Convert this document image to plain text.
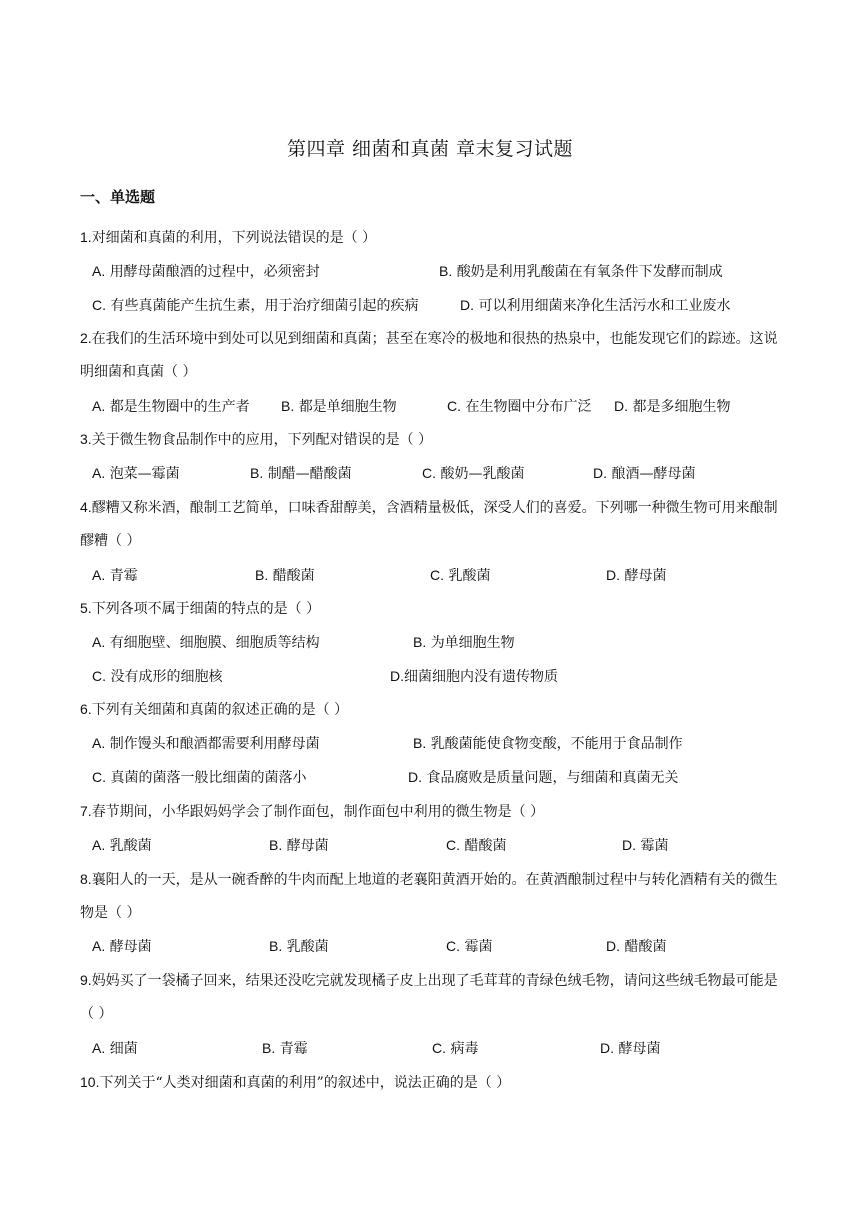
第四章 细菌和真菌 章末复习试题
一、单选题
1.对细菌和真菌的利用，下列说法错误的是（ ）
A. 用酵母菌酿酒的过程中，必须密封	B. 酸奶是利用乳酸菌在有氧条件下发酵而制成
C. 有些真菌能产生抗生素，用于治疗细菌引起的疾病	D. 可以利用细菌来净化生活污水和工业废水
2.在我们的生活环境中到处可以见到细菌和真菌；甚至在寒冷的极地和很热的热泉中，也能发现它们的踪迹。这说明细菌和真菌（ ）
A. 都是生物圈中的生产者 B. 都是单细胞生物	C. 在生物圈中分布广泛 D. 都是多细胞生物
3.关于微生物食品制作中的应用，下列配对错误的是（ ）
A. 泡菜—霉菌	B. 制醋—醋酸菌	C. 酸奶—乳酸菌	D. 酿酒—酵母菌
4.醪糟又称米酒，酿制工艺简单，口味香甜醇美，含酒精量极低，深受人们的喜爱。下列哪一种微生物可用来酿制醪糟（ ）
A. 青霉	B. 醋酸菌	C. 乳酸菌	D. 酵母菌
5.下列各项不属于细菌的特点的是（ ）
A. 有细胞壁、细胞膜、细胞质等结构	B. 为单细胞生物
C. 没有成形的细胞核	D.细菌细胞内没有遗传物质
6.下列有关细菌和真菌的叙述正确的是（ ）
A. 制作馒头和酿酒都需要利用酵母菌	B. 乳酸菌能使食物变酸，不能用于食品制作
C. 真菌的菌落一般比细菌的菌落小	D. 食品腐败是质量问题，与细菌和真菌无关
7.春节期间，小华跟妈妈学会了制作面包，制作面包中利用的微生物是（ ）
A. 乳酸菌	B. 酵母菌	C. 醋酸菌	D. 霉菌
8.襄阳人的一天，是从一碗香醉的牛肉而配上地道的老襄阳黄酒开始的。在黄酒酿制过程中与转化酒精有关的微生物是（ ）
A. 酵母菌	B. 乳酸菌	C. 霉菌	D. 醋酸菌
9.妈妈买了一袋橘子回来，结果还没吃完就发现橘子皮上出现了毛茸茸的青绿色绒毛物，请问这些绒毛物最可能是（ ）
A. 细菌	B. 青霉	C. 病毒	D. 酵母菌
10.下列关于“人类对细菌和真菌的利用”的叙述中，说法正确的是（ ）
